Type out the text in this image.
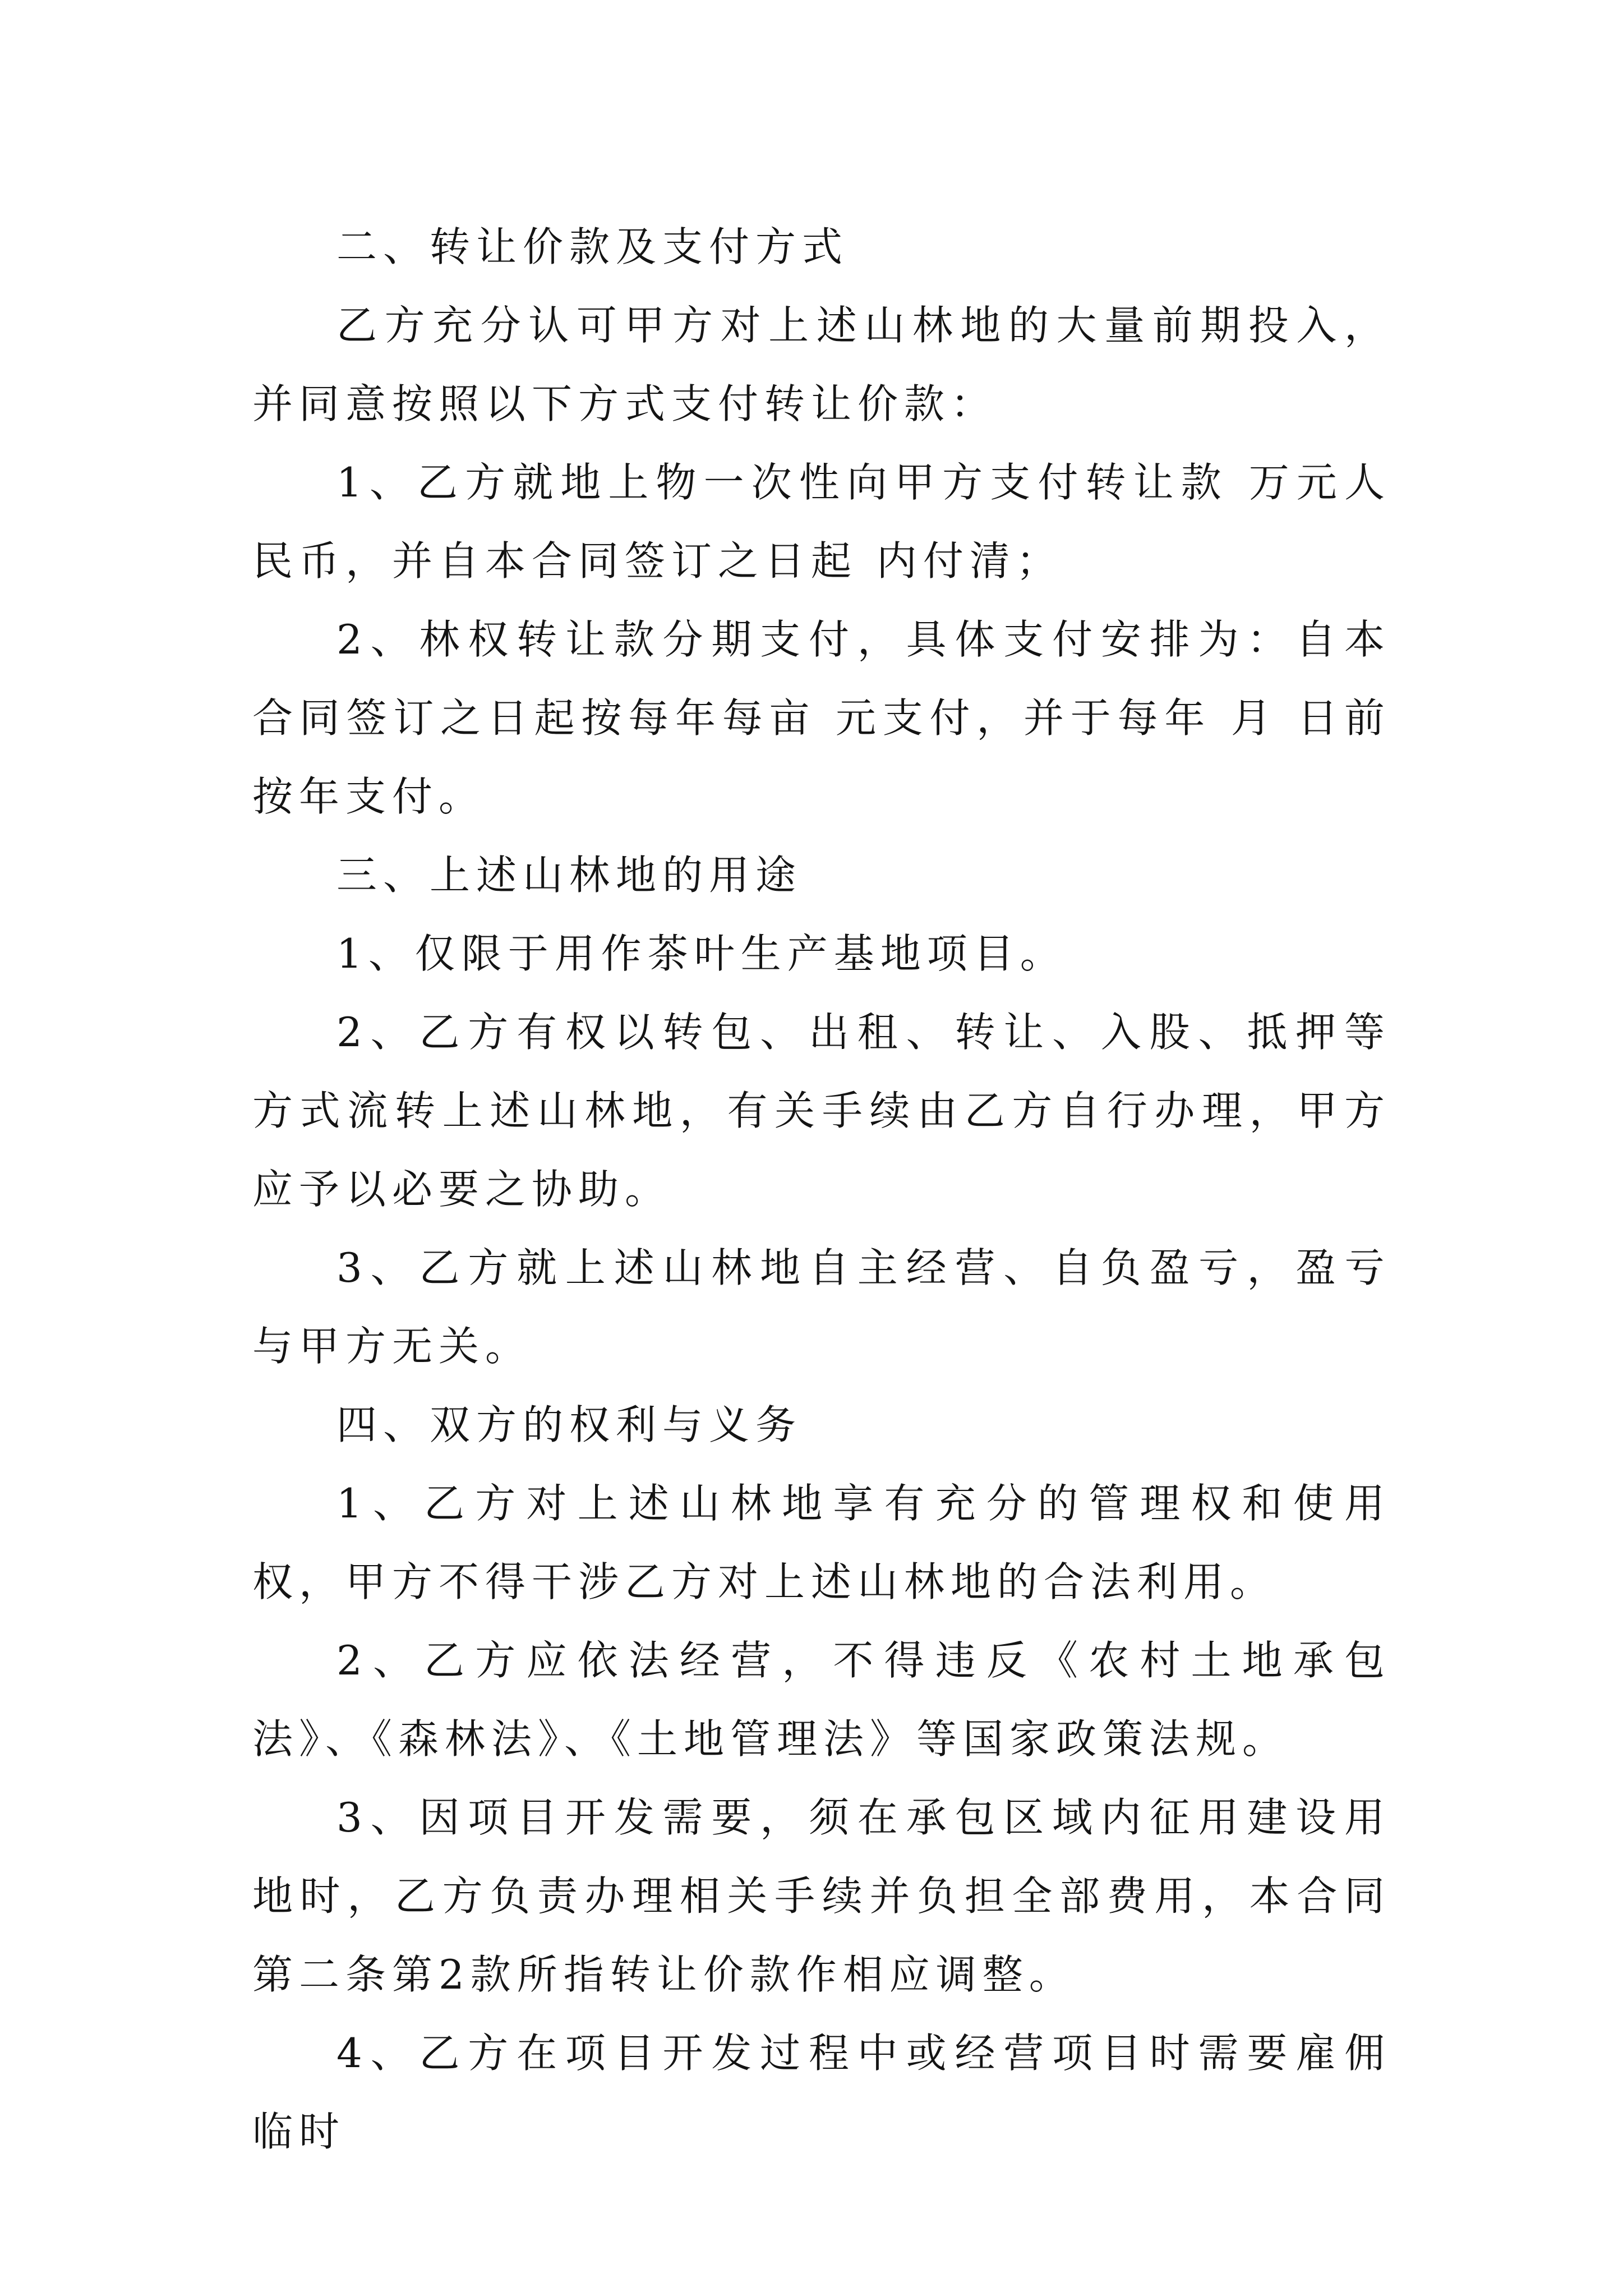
二、转让价款及支付方式

乙方充分认可甲方对上述山林地的大量前期投入，并同意按照以下方式支付转让价款：

1、乙方就地上物一次性向甲方支付转让款 万元人民币，并自本合同签订之日起 内付清；

2、林权转让款分期支付，具体支付安排为：自本合同签订之日起按每年每亩 元支付，并于每年 月 日前按年支付。

三、上述山林地的用途

1、仅限于用作茶叶生产基地项目。

2、乙方有权以转包、出租、转让、入股、抵押等方式流转上述山林地，有关手续由乙方自行办理，甲方应予以必要之协助。

3、乙方就上述山林地自主经营、自负盈亏，盈亏与甲方无关。

四、双方的权利与义务

1、乙方对上述山林地享有充分的管理权和使用权，甲方不得干涉乙方对上述山林地的合法利用。

2、乙方应依法经营，不得违反《农村土地承包法》、《森林法》、《土地管理法》等国家政策法规。

3、因项目开发需要，须在承包区域内征用建设用地时，乙方负责办理相关手续并负担全部费用，本合同第二条第2款所指转让价款作相应调整。

4、乙方在项目开发过程中或经营项目时需要雇佣临时
